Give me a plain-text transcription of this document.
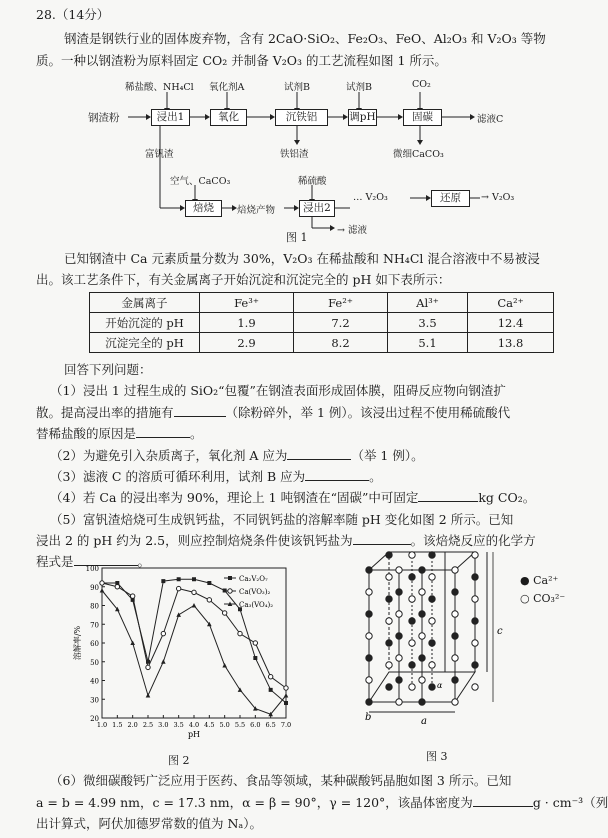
28.（14分）
钢渣是钢铁行业的固体废弃物，含有 2CaO·SiO₂、Fe₂O₃、FeO、Al₂O₃ 和 V₂O₃ 等物
质。一种以钢渣粉为原料固定 CO₂ 并制备 V₂O₃ 的工艺流程如图 1 所示。
钢渣粉	浸出1	氧化	沉铁铝	调pH	固碳
稀盐酸、NH₄Cl 氧化剂A	试剂B	试剂B	CO₂
铁铝渣	微细CaCO₃
滤液C
富钒渣
空气、CaCO₃	稀硫酸
焙烧	焙烧产物	浸出2
… V₂O₃	还原	→ V₂O₃
→ 滤液
图 1
已知钢渣中 Ca 元素质量分数为 30%，V₂O₃ 在稀盐酸和 NH₄Cl 混合溶液中不易被浸
出。该工艺条件下，有关金属离子开始沉淀和沉淀完全的 pH 如下表所示：
金属离子	Fe³⁺	Fe²⁺	Al³⁺	Ca²⁺
开始沉淀的 pH	1.9	7.2	3.5	12.4
沉淀完全的 pH	2.9	8.2	5.1	13.8
回答下列问题：
（1）浸出 1 过程生成的 SiO₂“包覆”在钢渣表面形成固体膜，阻碍反应物向钢渣扩
散。提高浸出率的措施有	（除粉碎外，举 1 例）。该浸出过程不使用稀硫酸代
替稀盐酸的原因是	。
（2）为避免引入杂质离子，氧化剂 A 应为	（举 1 例）。
（3）滤液 C 的溶质可循环利用，试剂 B 应为	。
（4）若 Ca 的浸出率为 90%，理论上 1 吨钢渣在“固碳”中可固定	kg CO₂。
（5）富钒渣焙烧可生成钒钙盐，不同钒钙盐的溶解率随 pH 变化如图 2 所示。已知
浸出 2 的 pH 约为 2.5，则应控制焙烧条件使该钒钙盐为	。该焙烧反应的化学方
程式是	。
20
30
40
50
60
70
80
90
100
1.0 1.5 2.0 2.5 3.0 3.5 4.0 4.5 5.0 5.5 6.0 6.5 7.0
pH
溶解率/%
Ca₂V₂O₇
Ca(VO₃)₂
Ca₃(VO₄)₂
图 2
a
b
c
α
● Ca²⁺
○ CO₃²⁻
图 3
（6）微细碳酸钙广泛应用于医药、食品等领域，某种碳酸钙晶胞如图 3 所示。已知
a = b = 4.99 nm，c = 17.3 nm，α = β = 90°，γ = 120°，该晶体密度为	g · cm⁻³（列
出计算式，阿伏加德罗常数的值为 Nₐ）。
